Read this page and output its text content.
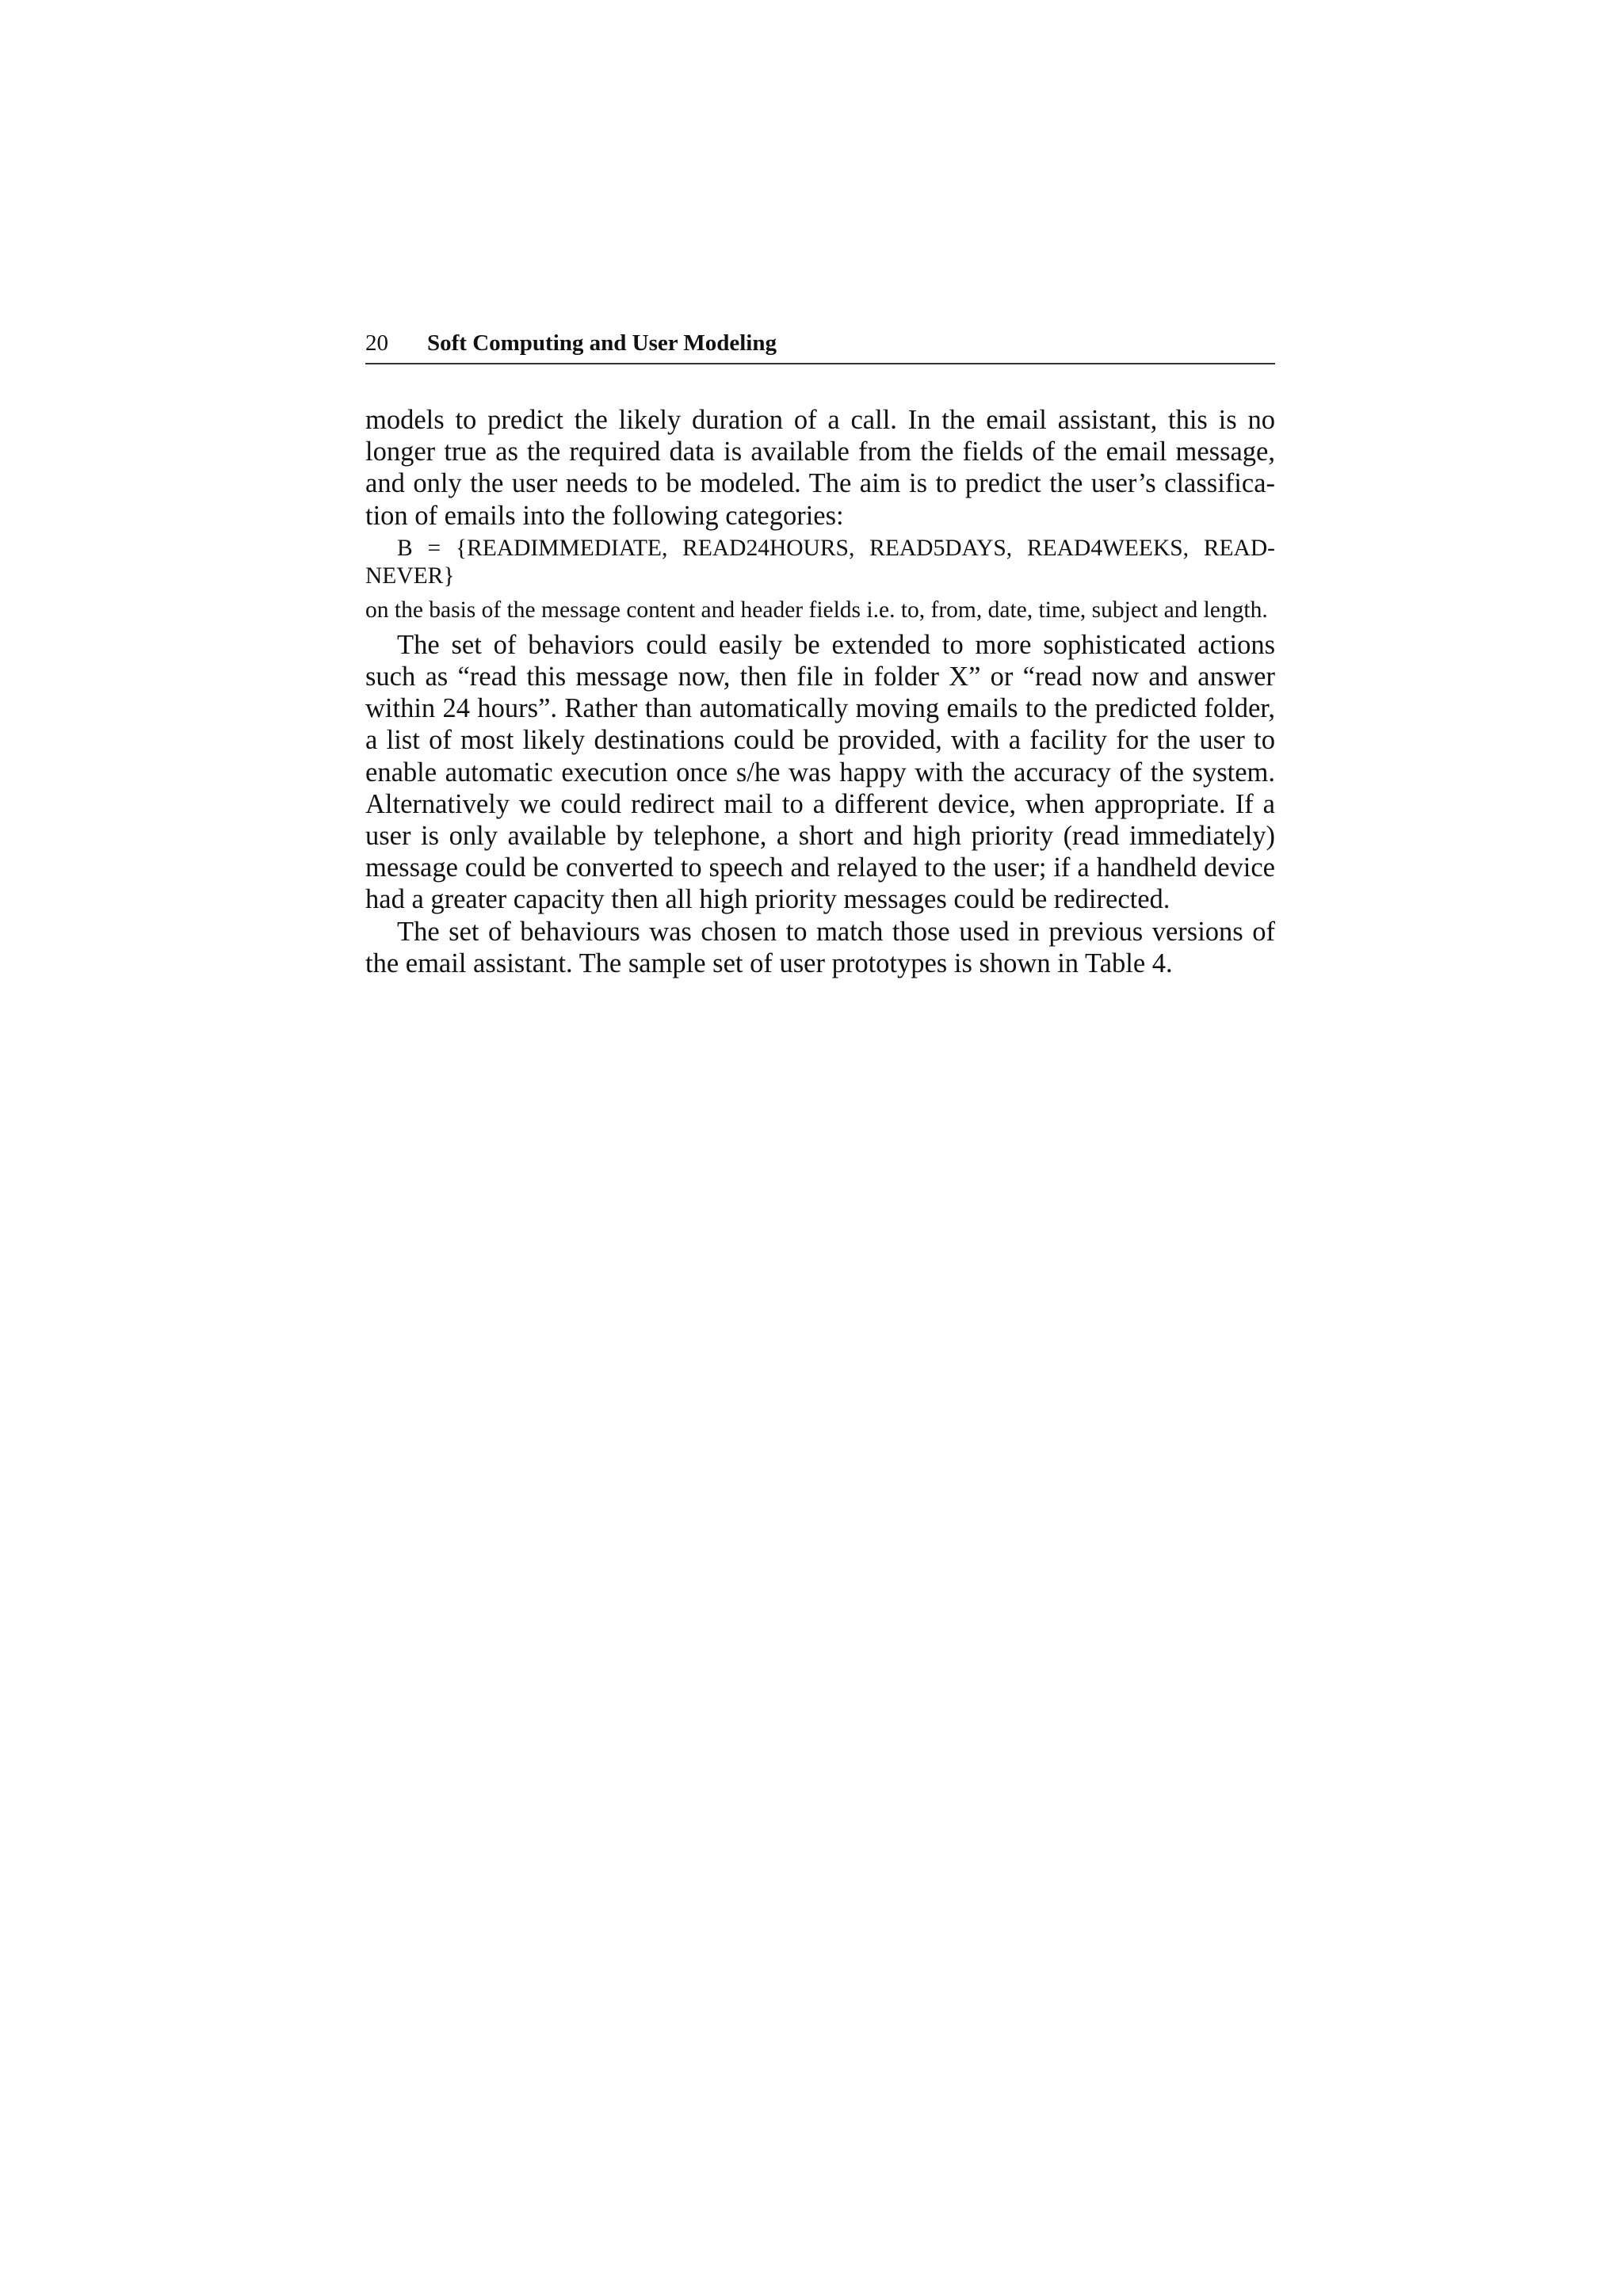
20 Soft Computing and User Modeling

models to predict the likely duration of a call. In the email assistant, this is no longer true as the required data is available from the fields of the email message, and only the user needs to be modeled. The aim is to predict the user’s classifica-tion of emails into the following categories:

B = {READIMMEDIATE, READ24HOURS, READ5DAYS, READ4WEEKS, READ-NEVER}

on the basis of the message content and header fields i.e. to, from, date, time, subject and length.

The set of behaviors could easily be extended to more sophisticated actions such as “read this message now, then file in folder X” or “read now and answer within 24 hours”. Rather than automatically moving emails to the predicted folder, a list of most likely destinations could be provided, with a facility for the user to enable automatic execution once s/he was happy with the accuracy of the system. Alternatively we could redirect mail to a different device, when appropriate. If a user is only available by telephone, a short and high priority (read immediately) message could be converted to speech and relayed to the user; if a handheld device had a greater capacity then all high priority messages could be redirected.

The set of behaviours was chosen to match those used in previous versions of the email assistant. The sample set of user prototypes is shown in Table 4.
